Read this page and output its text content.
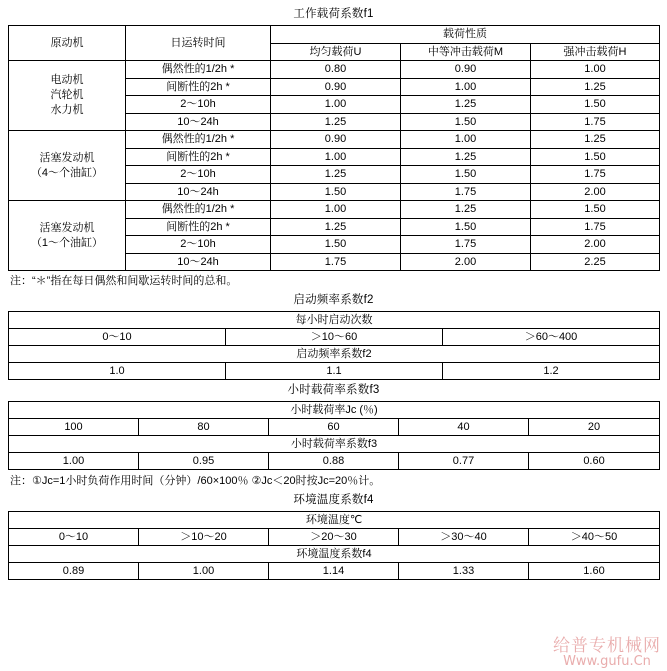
工作载荷系数f1
原动机	日运转时间	载荷性质		
		均匀载荷U	中等冲击载荷M	强冲击载荷H

电动机
汽轮机
水力机	偶然性的1/2h *	0.80	0.90	1.00
	间断性的2h *	0.90	1.00	1.25
	2～10h	1.00	1.25	1.50
	10～24h	1.25	1.50	1.75

活塞发动机
（4～个油缸）	偶然性的1/2h *	0.90	1.00	1.25
	间断性的2h *	1.00	1.25	1.50
	2～10h	1.25	1.50	1.75
	10～24h	1.50	1.75	2.00

活塞发动机
（1～个油缸）	偶然性的1/2h *	1.00	1.25	1.50
	间断性的2h *	1.25	1.50	1.75
	2～10h	1.50	1.75	2.00
	10～24h	1.75	2.00	2.25
注：“＊”指在每日偶然和间歇运转时间的总和。
启动频率系数f2
每小时启动次数		
0～10	＞10～60	＞60～400
启动频率系数f2		
1.0	1.1	1.2
小时载荷率系数f3
小时载荷率Jc (％)				
100	80	60	40	20
小时载荷率系数f3				
1.00	0.95	0.88	0.77	0.60
注：①Jc=1小时负荷作用时间（分钟）/60×100％ ②Jc＜20时按Jc=20％计。
环境温度系数f4
环境温度℃				
0～10	＞10～20	＞20～30	＞30～40	＞40～50
环境温度系数f4				
0.89	1.00	1.14	1.33	1.60
给普专机械网
Www.gufu.Cn
